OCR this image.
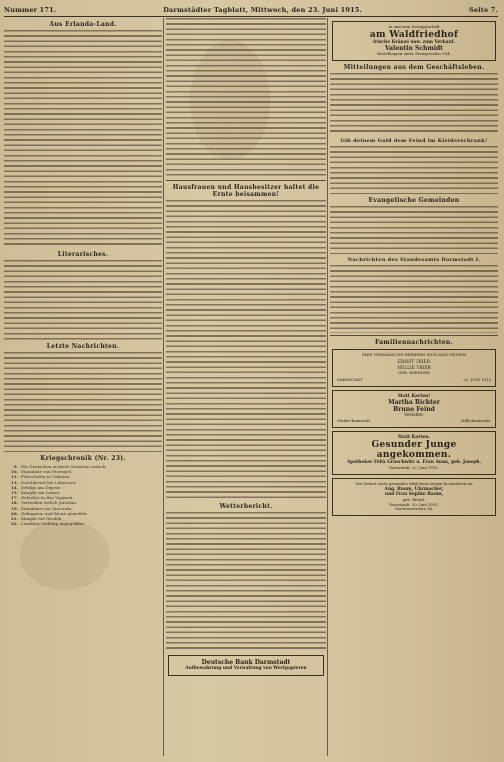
Nummer 171.	Darmstädter Tagblatt, Mittwoch, den 23. Juni 1915.	Seite 7.
Aus Erlanda-Land.
Literarisches.
Letzte Nachrichten.
Kriegschronik (Nr. 23).
9. Die Deutschen erobern Stanislau zurück.
10. Einnahme von Przemysl.
11. Fortschritte in Galizien.
13. Durchbruch bei Lubaczow.
14. Erfolge am Dnjestr.
15. Kämpfe am Isonzo.
17. Gefechte in den Vogesen.
18. Vorrücken östlich Jaroslau.
19. Einnahme von Mosciska.
20. Gefangene und Beute gemeldet.
21. Kämpfe bei Grodek.
22. Lemberg-Stellung angegriffen.
Hausfrauen und Hausbesitzer haltet die Ernte beisammen!
Wetterbericht.
Deutsche Bank Darmstadt
Aufbewahrung und Verwaltung von Wertpapieren
In unserem Zweiggeschäft
am Waldfriedhof
frische Kränze usw. zum Verkauf.
Valentin Schmidt
Bestellungen unter Fernsprecher 184.
Mitteilungen aus dem Geschäftsleben.
Gib deinem Gold dem Feind im Kleiderschrank!
Evangelische Gemeinden
Nachrichten des Standesamts Darmstadt I.
Familiennachrichten.
IHRE VERMÄHLUNG BEEHREN SICH ANZUZEIGEN
ERNST TRIER
NELLIE TRIER
GEB. KERNDER
DARMSTADT	22. JUNI 1915
Statt Karten!
Martha Richter
Bruno Feind
Verlobte.
Nieder-Ramstadt	Wilhelminenstr.
Statt Karten.
Gesunder Junge angekommen.
Apotheker Felix Gruschwitz u. Frau Anna, geb. Joseph.
Darmstadt, 22. Juni 1915.
Die Geburt eines gesunden Mädchens zeigen hocherfreut an
Aug. Baum, Uhrmacher,
und Frau Sophie Baum,
geb. Bickel.
Darmstadt, 20. Juni 1915.
Gervinusstrasse 36.
